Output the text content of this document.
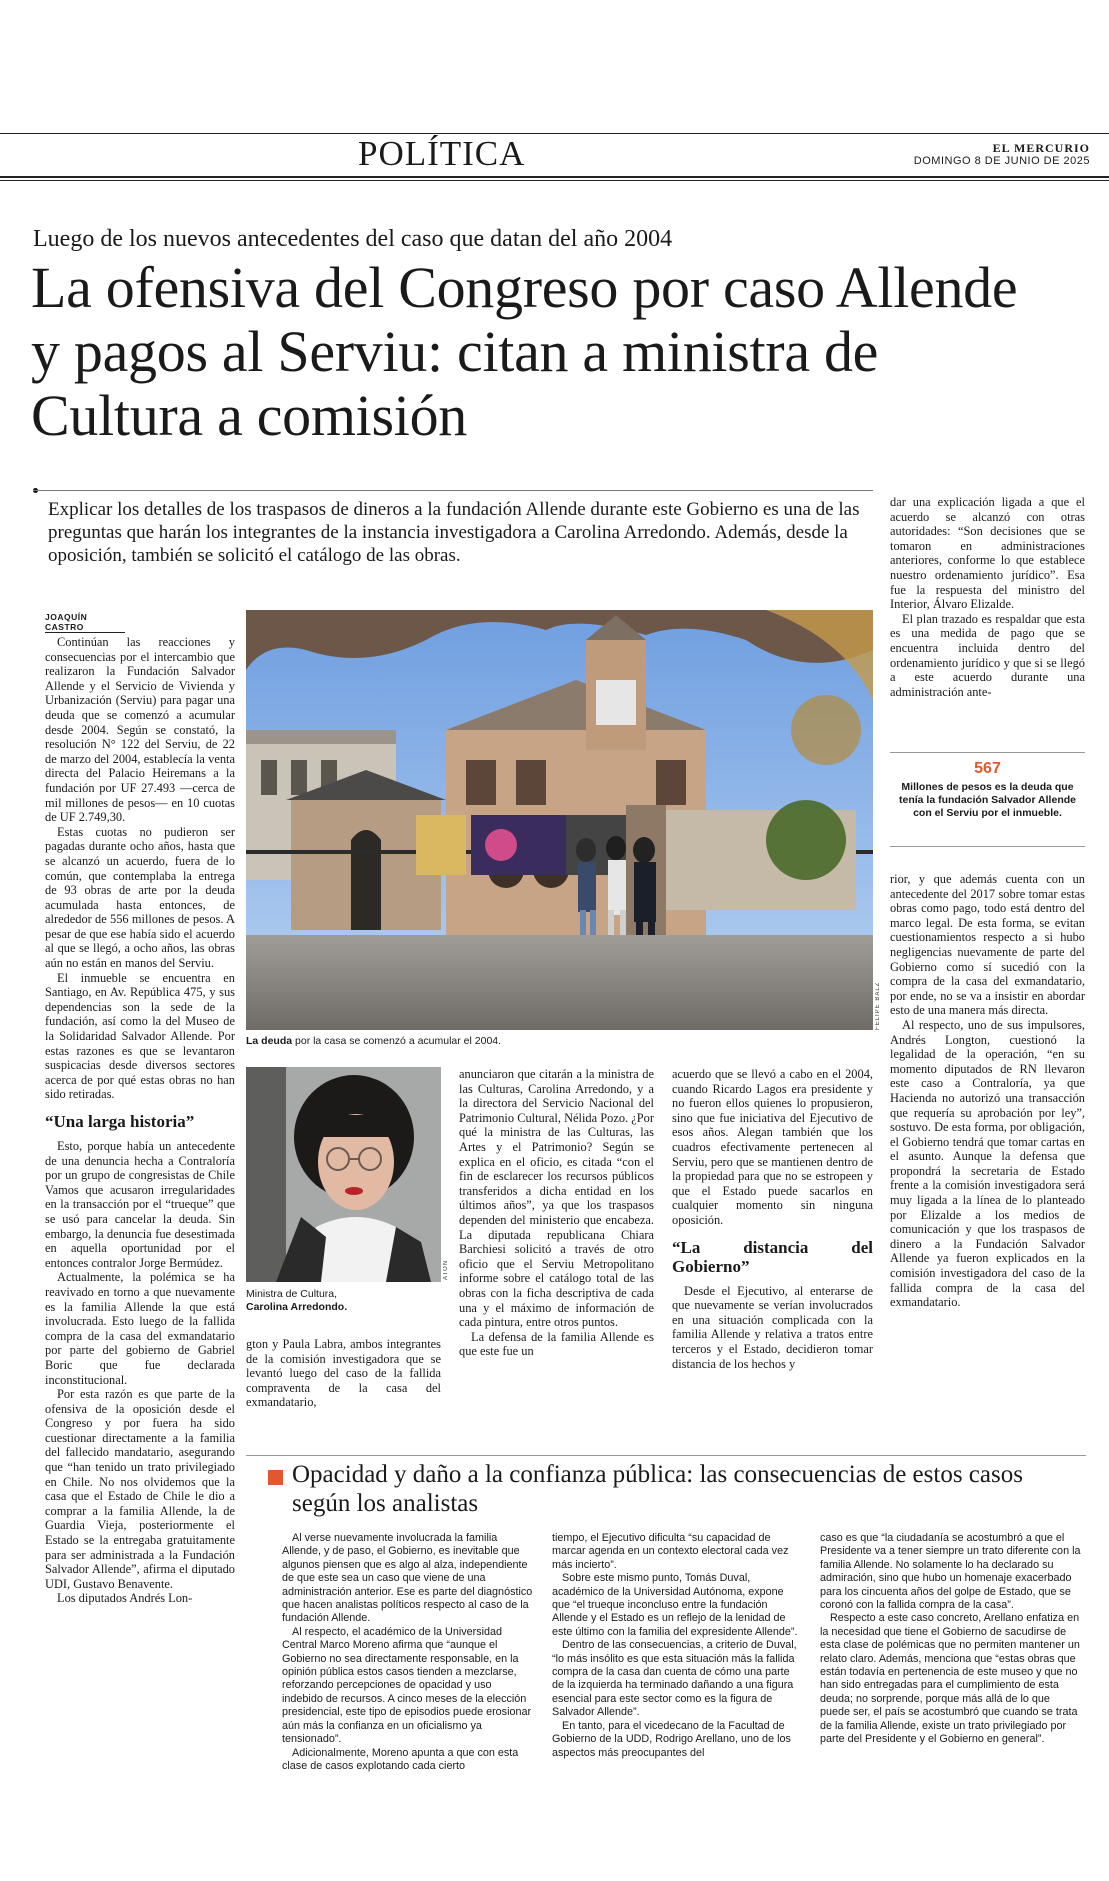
POLÍTICA	EL MERCURIO
DOMINGO 8 DE JUNIO DE 2025
Luego de los nuevos antecedentes del caso que datan del año 2004
La ofensiva del Congreso por caso Allende y pagos al Serviu: citan a ministra de Cultura a comisión
Explicar los detalles de los traspasos de dineros a la fundación Allende durante este Gobierno es una de las preguntas que harán los integrantes de la instancia investigadora a Carolina Arredondo. Además, desde la oposición, también se solicitó el catálogo de las obras.
JOAQUÍN CASTRO

Continúan las reacciones y consecuencias por el intercambio que realizaron la Fundación Salvador Allende y el Servicio de Vivienda y Urbanización (Serviu) para pagar una deuda que se comenzó a acumular desde 2004. Según se constató, la resolución N° 122 del Serviu, de 22 de marzo del 2004, establecía la venta directa del Palacio Heiremans a la fundación por UF 27.493 —cerca de mil millones de pesos— en 10 cuotas de UF 2.749,30.

Estas cuotas no pudieron ser pagadas durante ocho años, hasta que se alcanzó un acuerdo, fuera de lo común, que contemplaba la entrega de 93 obras de arte por la deuda acumulada hasta entonces, de alrededor de 556 millones de pesos. A pesar de que ese había sido el acuerdo al que se llegó, a ocho años, las obras aún no están en manos del Serviu.

El inmueble se encuentra en Santiago, en Av. República 475, y sus dependencias son la sede de la fundación, así como la del Museo de la Solidaridad Salvador Allende. Por estas razones es que se levantaron suspicacias desde diversos sectores acerca de por qué estas obras no han sido retiradas.

“Una larga historia”

Esto, porque había un antecedente de una denuncia hecha a Contraloría por un grupo de congresistas de Chile Vamos que acusaron irregularidades en la transacción por el “trueque” que se usó para cancelar la deuda. Sin embargo, la denuncia fue desestimada en aquella oportunidad por el entonces contralor Jorge Bermúdez.

Actualmente, la polémica se ha reavivado en torno a que nuevamente es la familia Allende la que está involucrada. Esto luego de la fallida compra de la casa del exmandatario por parte del gobierno de Gabriel Boric que fue declarada inconstitucional.

Por esta razón es que parte de la ofensiva de la oposición desde el Congreso y por fuera ha sido cuestionar directamente a la familia del fallecido mandatario, asegurando que “han tenido un trato privilegiado en Chile. No nos olvidemos que la casa que el Estado de Chile le dio a comprar a la familia Allende, la de Guardia Vieja, posteriormente el Estado se la entregaba gratuitamente para ser administrada a la Fundación Salvador Allende”, afirma el diputado UDI, Gustavo Benavente.

Los diputados Andrés Lon-

FELIPE BALZ
La deuda por la casa se comenzó a acumular el 2004.
ATON
Ministra de Cultura,
Carolina Arredondo.

gton y Paula Labra, ambos integrantes de la comisión investigadora que se levantó luego del caso de la fallida compraventa de la casa del exmandatario,

anunciaron que citarán a la ministra de las Culturas, Carolina Arredondo, y a la directora del Servicio Nacional del Patrimonio Cultural, Nélida Pozo. ¿Por qué la ministra de las Culturas, las Artes y el Patrimonio? Según se explica en el oficio, es citada “con el fin de esclarecer los recursos públicos transferidos a dicha entidad en los últimos años”, ya que los traspasos dependen del ministerio que encabeza. La diputada republicana Chiara Barchiesi solicitó a través de otro oficio que el Serviu Metropolitano informe sobre el catálogo total de las obras con la ficha descriptiva de cada una y el máximo de información de cada pintura, entre otros puntos.

La defensa de la familia Allende es que este fue un

acuerdo que se llevó a cabo en el 2004, cuando Ricardo Lagos era presidente y no fueron ellos quienes lo propusieron, sino que fue iniciativa del Ejecutivo de esos años. Alegan también que los cuadros efectivamente pertenecen al Serviu, pero que se mantienen dentro de la propiedad para que no se estropeen y que el Estado puede sacarlos en cualquier momento sin ninguna oposición.

“La distancia del Gobierno”

Desde el Ejecutivo, al enterarse de que nuevamente se verían involucrados en una situación complicada con la familia Allende y relativa a tratos entre terceros y el Estado, decidieron tomar distancia de los hechos y

dar una explicación ligada a que el acuerdo se alcanzó con otras autoridades: “Son decisiones que se tomaron en administraciones anteriores, conforme lo que establece nuestro ordenamiento jurídico”. Esa fue la respuesta del ministro del Interior, Álvaro Elizalde.

El plan trazado es respaldar que esta es una medida de pago que se encuentra incluida dentro del ordenamiento jurídico y que si se llegó a este acuerdo durante una administración ante-

567
Millones de pesos es la deuda que tenía la fundación Salvador Allende con el Serviu por el inmueble.

rior, y que además cuenta con un antecedente del 2017 sobre tomar estas obras como pago, todo está dentro del marco legal. De esta forma, se evitan cuestionamientos respecto a si hubo negligencias nuevamente de parte del Gobierno como sí sucedió con la compra de la casa del exmandatario, por ende, no se va a insistir en abordar esto de una manera más directa.

Al respecto, uno de sus impulsores, Andrés Longton, cuestionó la legalidad de la operación, “en su momento diputados de RN llevaron este caso a Contraloría, ya que Hacienda no autorizó una transacción que requería su aprobación por ley”, sostuvo. De esta forma, por obligación, el Gobierno tendrá que tomar cartas en el asunto. Aunque la defensa que propondrá la secretaria de Estado frente a la comisión investigadora será muy ligada a la línea de lo planteado por Elizalde a los medios de comunicación y que los traspasos de dinero a la Fundación Salvador Allende ya fueron explicados en la comisión investigadora del caso de la fallida compra de la casa del exmandatario.

Opacidad y daño a la confianza pública: las consecuencias de estos casos según los analistas

Al verse nuevamente involucrada la familia Allende, y de paso, el Gobierno, es inevitable que algunos piensen que es algo al alza, independiente de que este sea un caso que viene de una administración anterior. Ese es parte del diagnóstico que hacen analistas políticos respecto al caso de la fundación Allende.

Al respecto, el académico de la Universidad Central Marco Moreno afirma que “aunque el Gobierno no sea directamente responsable, en la opinión pública estos casos tienden a mezclarse, reforzando percepciones de opacidad y uso indebido de recursos. A cinco meses de la elección presidencial, este tipo de episodios puede erosionar aún más la confianza en un oficialismo ya tensionado”.

Adicionalmente, Moreno apunta a que con esta clase de casos explotando cada cierto

tiempo, el Ejecutivo dificulta “su capacidad de marcar agenda en un contexto electoral cada vez más incierto”.

Sobre este mismo punto, Tomás Duval, académico de la Universidad Autónoma, expone que “el trueque inconcluso entre la fundación Allende y el Estado es un reflejo de la lenidad de este último con la familia del expresidente Allende”.

Dentro de las consecuencias, a criterio de Duval, “lo más insólito es que esta situación más la fallida compra de la casa dan cuenta de cómo una parte de la izquierda ha terminado dañando a una figura esencial para este sector como es la figura de Salvador Allende”.

En tanto, para el vicedecano de la Facultad de Gobierno de la UDD, Rodrigo Arellano, uno de los aspectos más preocupantes del

caso es que “la ciudadanía se acostumbró a que el Presidente va a tener siempre un trato diferente con la familia Allende. No solamente lo ha declarado su admiración, sino que hubo un homenaje exacerbado para los cincuenta años del golpe de Estado, que se coronó con la fallida compra de la casa”.

Respecto a este caso concreto, Arellano enfatiza en la necesidad que tiene el Gobierno de sacudirse de esta clase de polémicas que no permiten mantener un relato claro. Además, menciona que “estas obras que están todavía en pertenencia de este museo y que no han sido entregadas para el cumplimiento de esta deuda; no sorprende, porque más allá de lo que puede ser, el país se acostumbró que cuando se trata de la familia Allende, existe un trato privilegiado por parte del Presidente y el Gobierno en general”.
